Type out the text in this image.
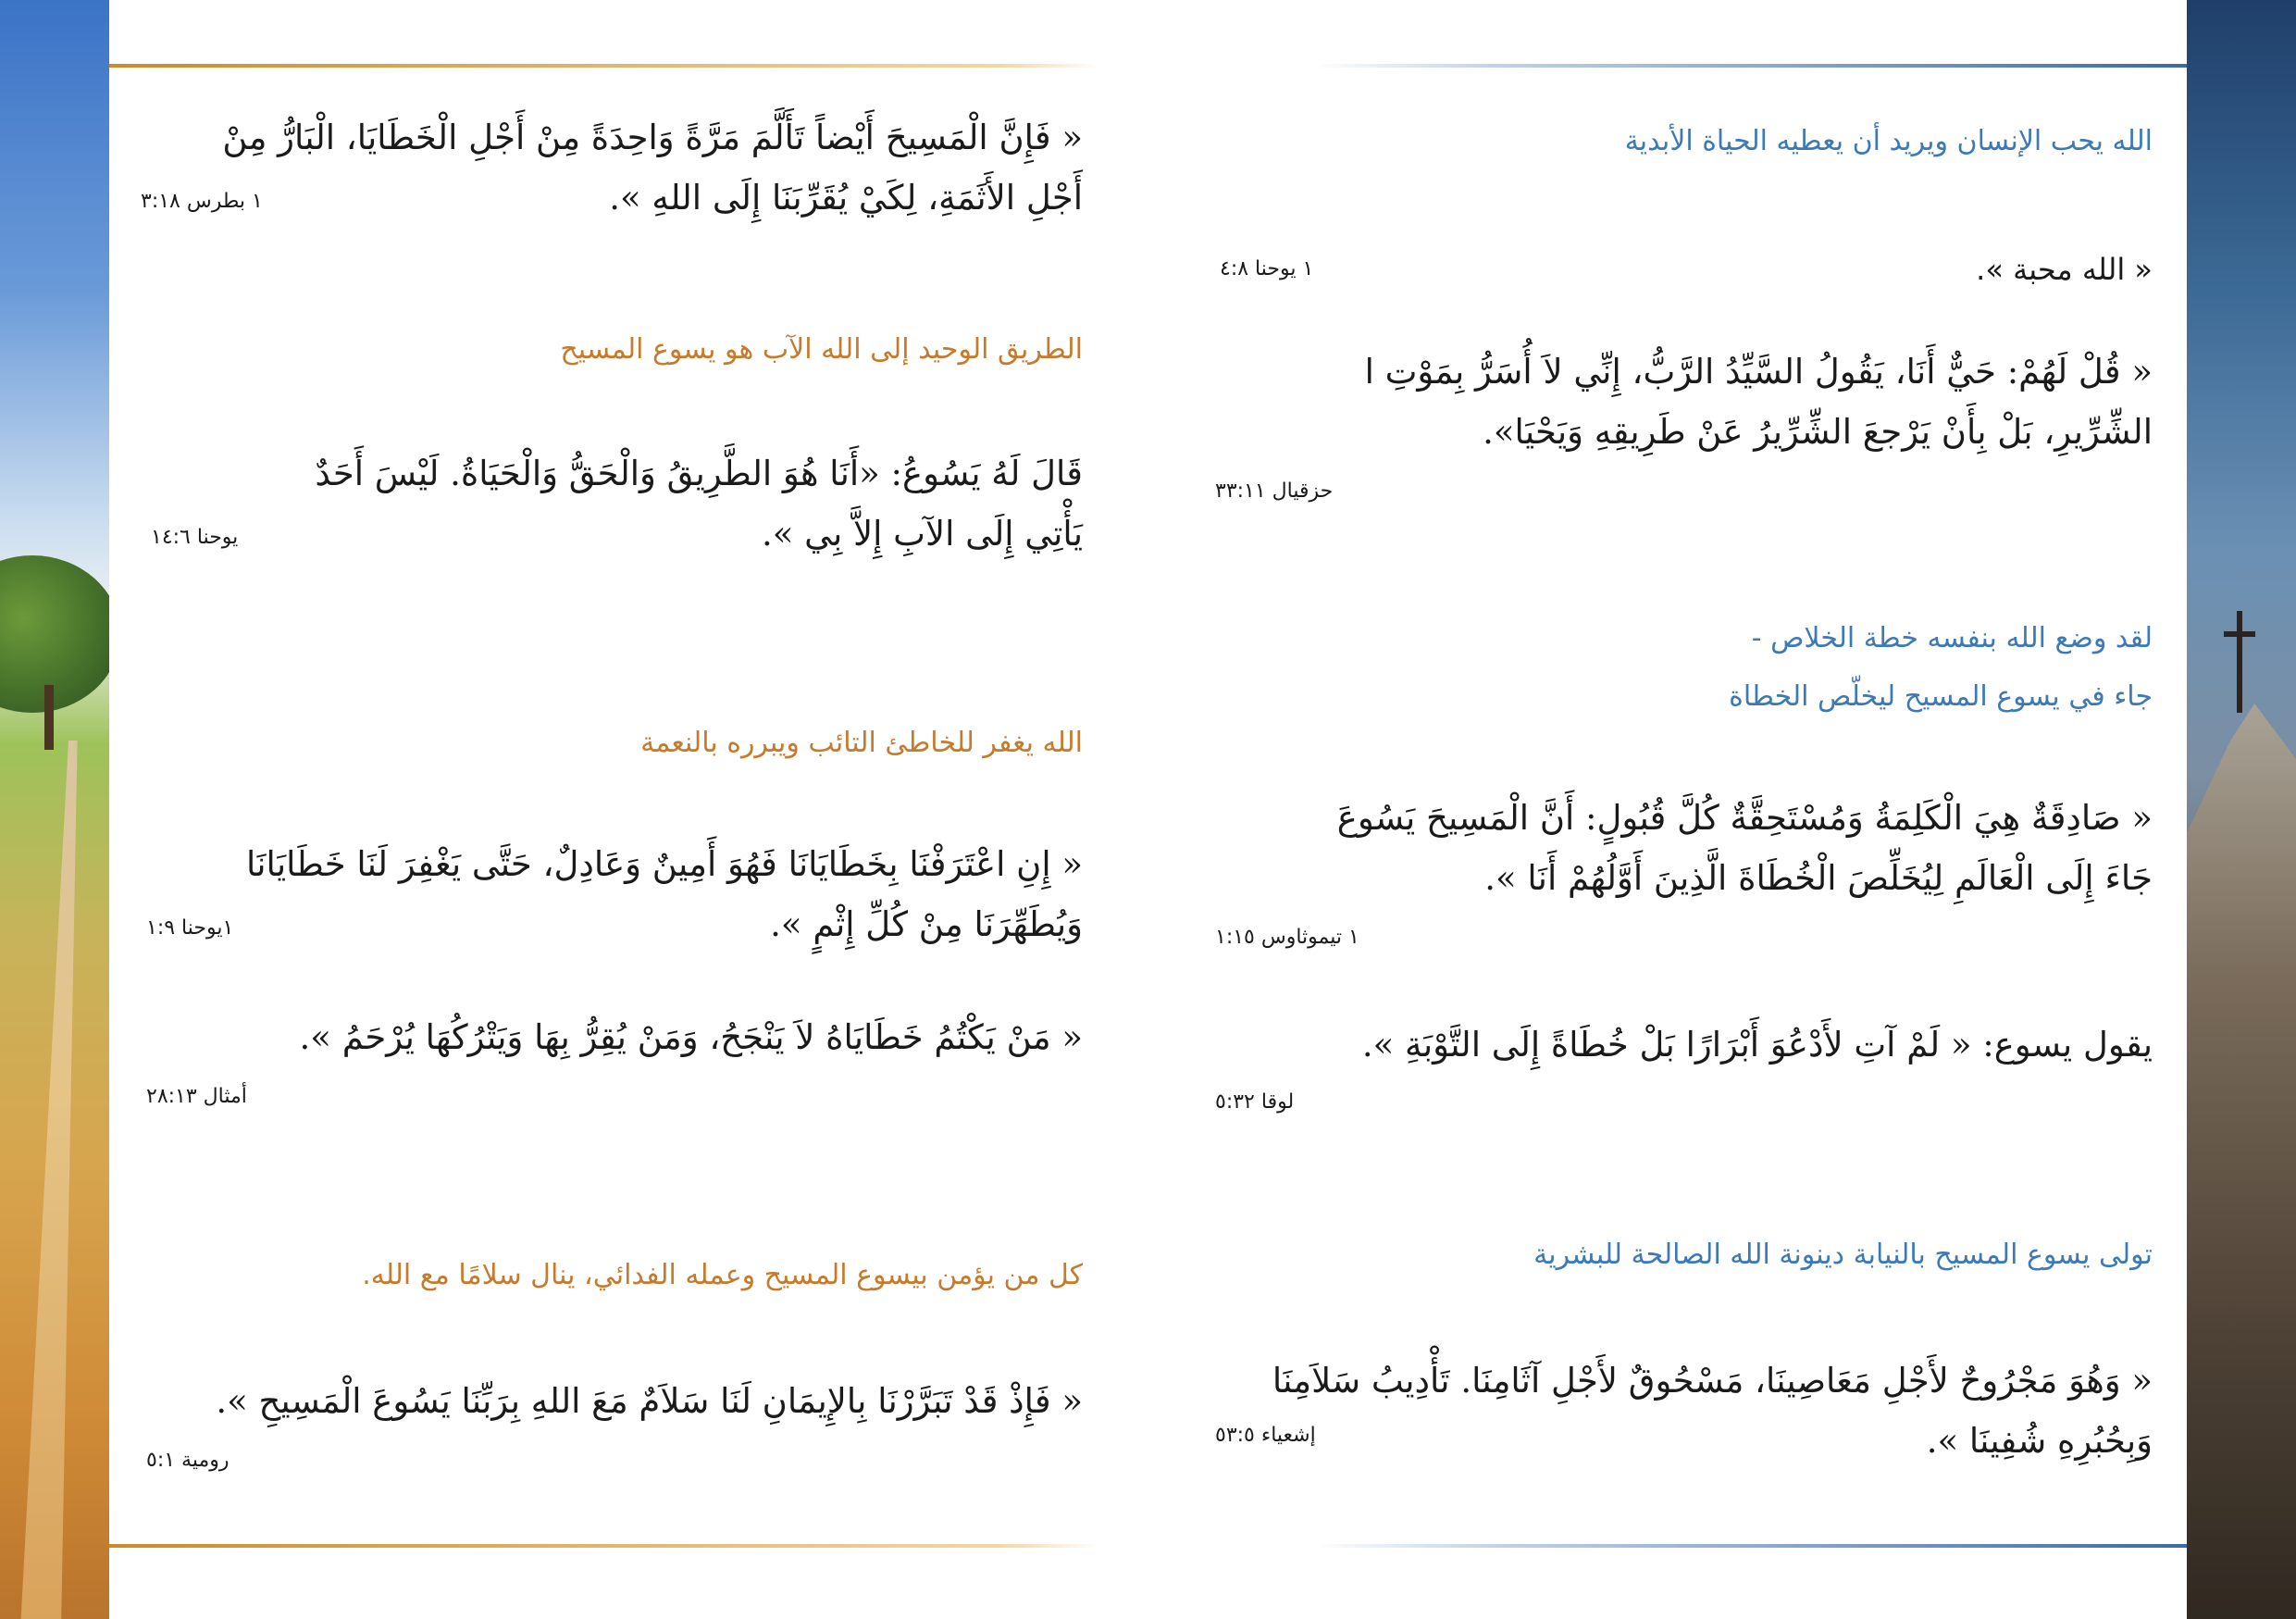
« فَإِنَّ الْمَسِيحَ أَيْضاً تَأَلَّمَ مَرَّةً وَاحِدَةً مِنْ أَجْلِ الْخَطَايَا، الْبَارُّ مِنْ

أَجْلِ الأَثَمَةِ، لِكَيْ يُقَرِّبَنَا إِلَى اللهِ ».

١ بطرس ٣:١٨

الطريق الوحيد إلى الله الآب هو يسوع المسيح

قَالَ لَهُ يَسُوعُ: «أَنَا هُوَ الطَّرِيقُ وَالْحَقُّ وَالْحَيَاةُ. لَيْسَ أَحَدٌ

يَأْتِي إِلَى الآبِ إِلاَّ بِي ».

يوحنا ١٤:٦

الله يغفر للخاطئ التائب ويبرره بالنعمة

« إِنِ اعْتَرَفْنَا بِخَطَايَانَا فَهُوَ أَمِينٌ وَعَادِلٌ، حَتَّى يَغْفِرَ لَنَا خَطَايَانَا

وَيُطَهِّرَنَا مِنْ كُلِّ إِثْمٍ ».

١يوحنا ١:٩

« مَنْ يَكْتُمُ خَطَايَاهُ لاَ يَنْجَحُ، وَمَنْ يُقِرُّ بِهَا وَيَتْرُكُهَا يُرْحَمُ ».

أمثال ٢٨:١٣

كل من يؤمن بيسوع المسيح وعمله الفدائي، ينال سلامًا مع الله.

« فَإِذْ قَدْ تَبَرَّرْنَا بِالإِيمَانِ لَنَا سَلاَمٌ مَعَ اللهِ بِرَبِّنَا يَسُوعَ الْمَسِيحِ ».

رومية ٥:١

الله يحب الإنسان ويريد أن يعطيه الحياة الأبدية

« الله محبة ».

١ يوحنا ٤:٨

« قُلْ لَهُمْ: حَيٌّ أَنَا، يَقُولُ السَّيِّدُ الرَّبُّ، إِنِّي لاَ أُسَرُّ بِمَوْتِ ا

الشِّرِّيرِ، بَلْ بِأَنْ يَرْجعَ الشِّرِّيرُ عَنْ طَرِيقِهِ وَيَحْيَا».

حزقيال ٣٣:١١

لقد وضع الله بنفسه خطة الخلاص -

جاء في يسوع المسيح ليخلّص الخطاة

« صَادِقَةٌ هِيَ الْكَلِمَةُ وَمُسْتَحِقَّةٌ كُلَّ قُبُولٍ: أَنَّ الْمَسِيحَ يَسُوعَ

جَاءَ إِلَى الْعَالَمِ لِيُخَلِّصَ الْخُطَاةَ الَّذِينَ أَوَّلُهُمْ أَنَا ».

١ تيموثاوس ١:١٥

يقول يسوع: « لَمْ آتِ لأَدْعُوَ أَبْرَارًا بَلْ خُطَاةً إِلَى التَّوْبَةِ ».

لوقا ٥:٣٢

تولى يسوع المسيح بالنيابة دينونة الله الصالحة للبشرية

« وَهُوَ مَجْرُوحٌ لأَجْلِ مَعَاصِينَا، مَسْحُوقٌ لأَجْلِ آثَامِنَا. تَأْدِيبُ سَلاَمِنَا

وَبِحُبُرِهِ شُفِينَا ».

إشعياء ٥٣:٥
